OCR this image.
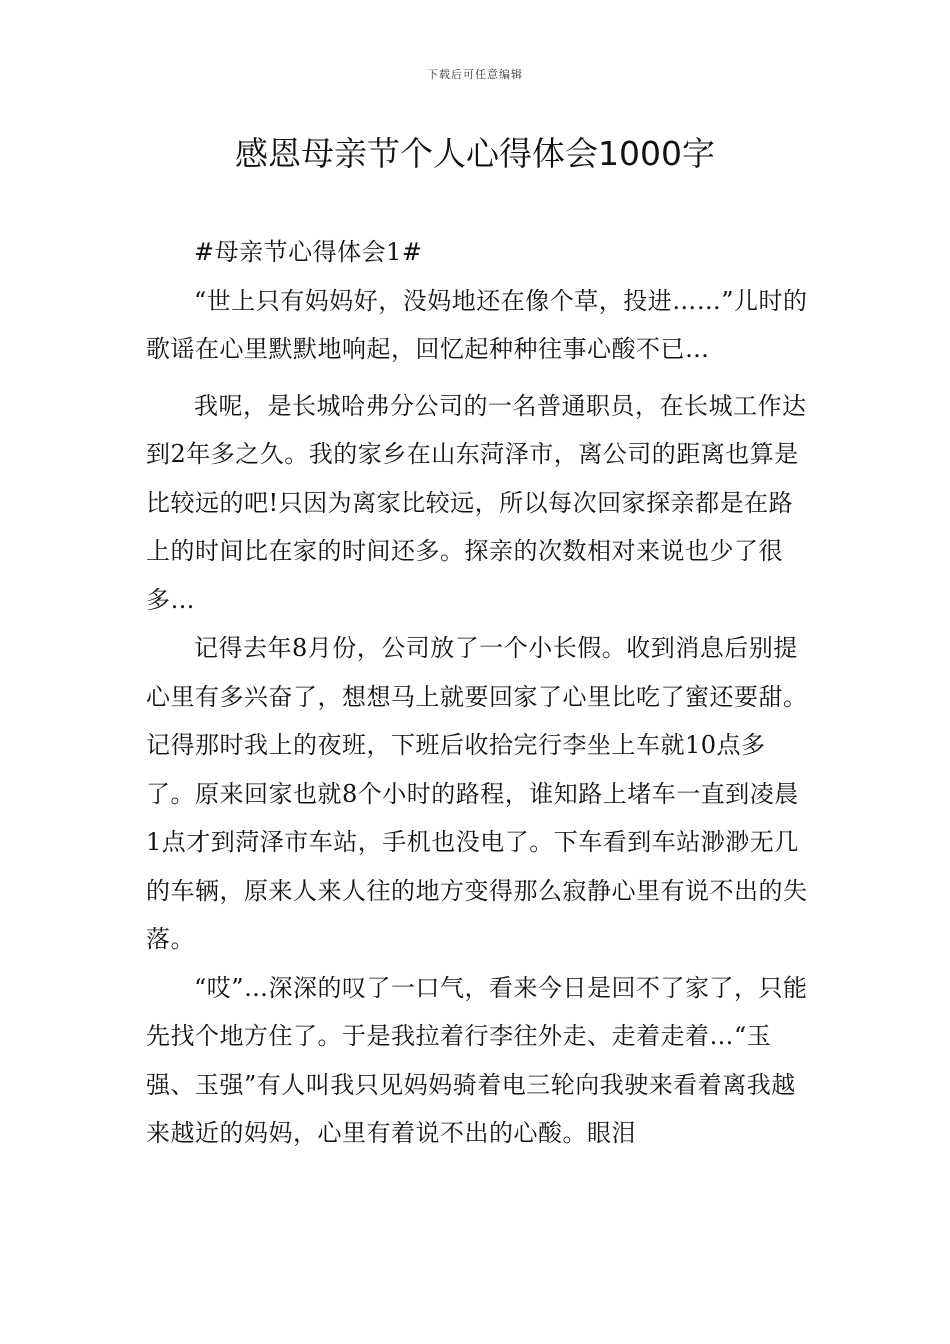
下载后可任意编辑
感恩母亲节个人心得体会1000字

#母亲节心得体会1#

“世上只有妈妈好，没妈地还在像个草，投进……”儿时的歌谣在心里默默地响起，回忆起种种往事心酸不已…

我呢，是长城哈弗分公司的一名普通职员，在长城工作达到2年多之久。我的家乡在山东菏泽市，离公司的距离也算是比较远的吧!只因为离家比较远，所以每次回家探亲都是在路上的时间比在家的时间还多。探亲的次数相对来说也少了很多…

记得去年8月份，公司放了一个小长假。收到消息后别提心里有多兴奋了，想想马上就要回家了心里比吃了蜜还要甜。记得那时我上的夜班，下班后收拾完行李坐上车就10点多了。原来回家也就8个小时的路程，谁知路上堵车一直到凌晨1点才到菏泽市车站，手机也没电了。下车看到车站渺渺无几的车辆，原来人来人往的地方变得那么寂静心里有说不出的失落。

“哎”…深深的叹了一口气，看来今日是回不了家了，只能先找个地方住了。于是我拉着行李往外走、走着走着…“玉强、玉强”有人叫我只见妈妈骑着电三轮向我驶来看着离我越来越近的妈妈，心里有着说不出的心酸。眼泪
